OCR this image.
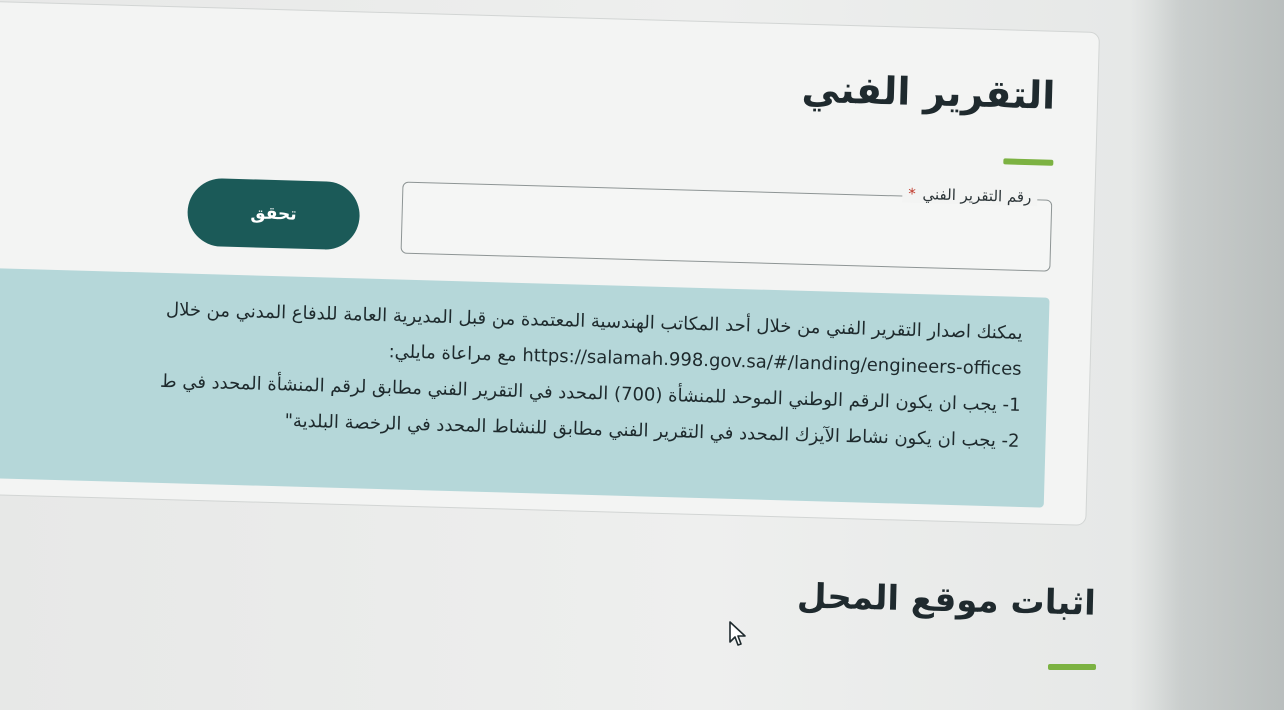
التقرير الفني
رقم التقرير الفني *
تحقق

يمكنك اصدار التقرير الفني من خلال أحد المكاتب الهندسية المعتمدة من قبل المديرية العامة للدفاع المدني من خلال

https://salamah.998.gov.sa/#/landing/engineers-offices مع مراعاة مايلي:

1- يجب ان يكون الرقم الوطني الموحد للمنشأة (700) المحدد في التقرير الفني مطابق لرقم المنشأة المحدد في ط

2- يجب ان يكون نشاط الآيزك المحدد في التقرير الفني مطابق للنشاط المحدد في الرخصة البلدية"

اثبات موقع المحل
